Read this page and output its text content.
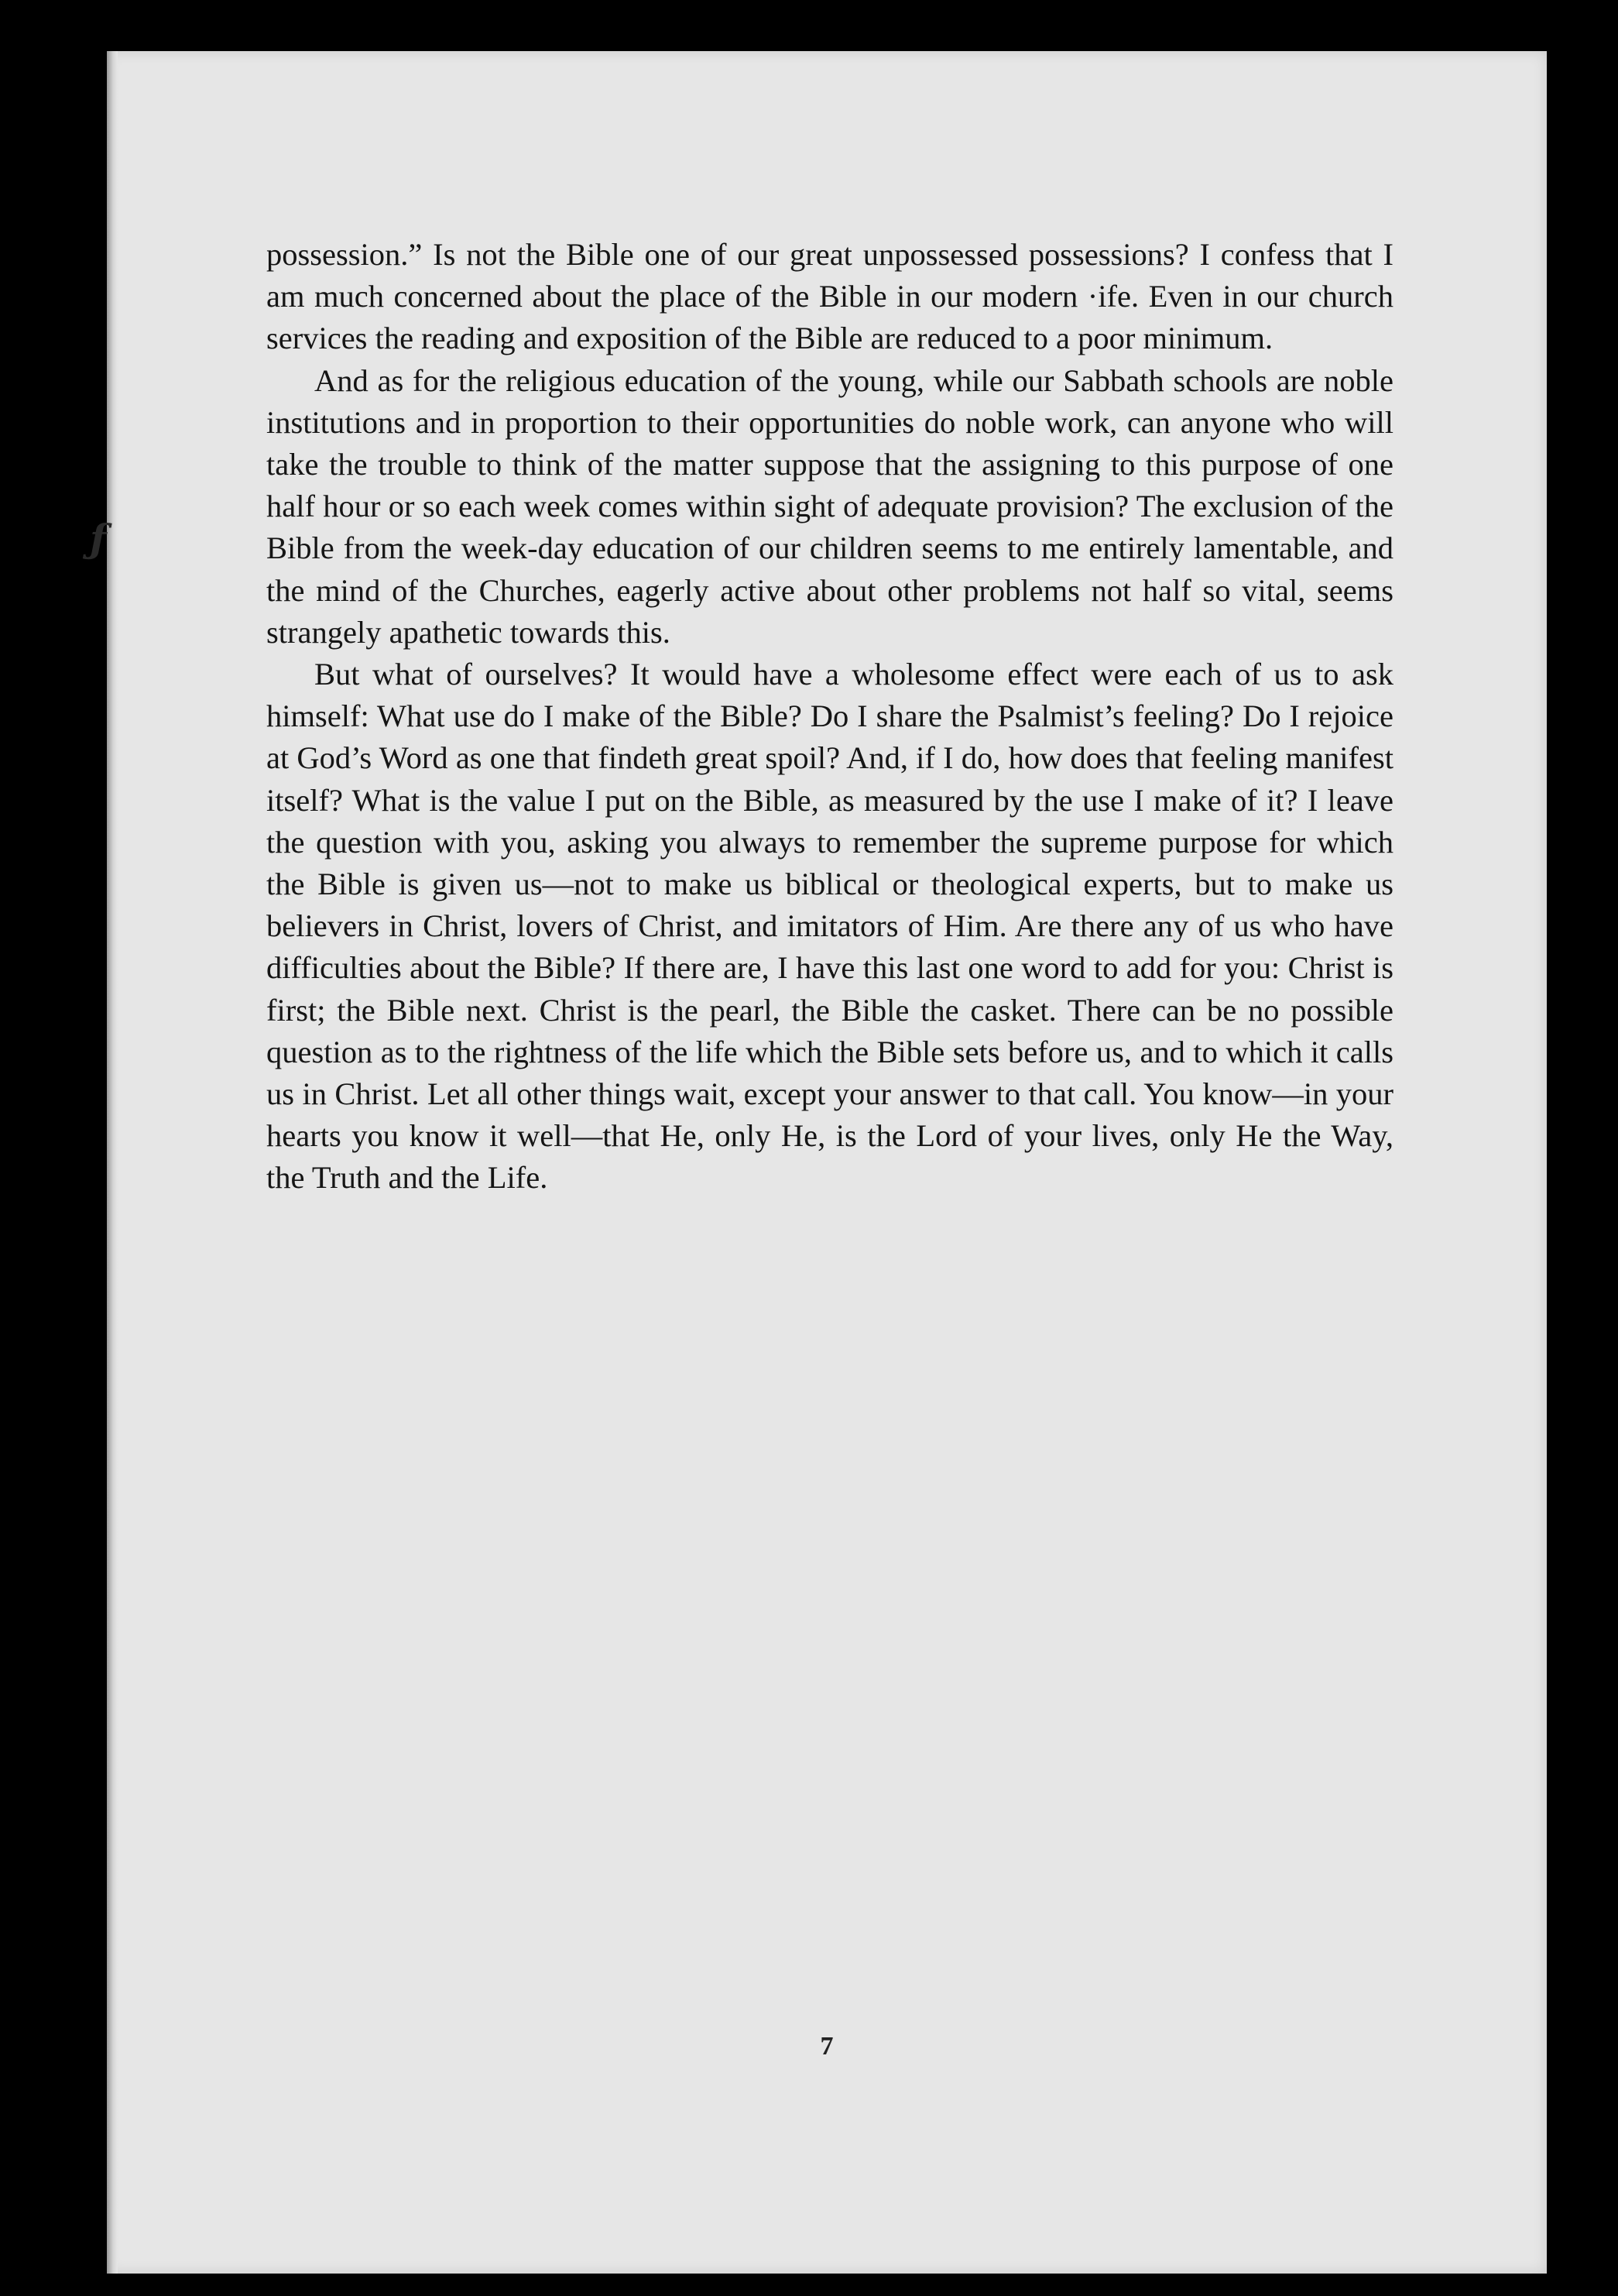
ƒ

possession.” Is not the Bible one of our great unpossessed possessions? I confess that I am much concerned about the place of the Bible in our modern ·ife. Even in our church services the reading and exposition of the Bible are reduced to a poor minimum.

And as for the religious education of the young, while our Sabbath schools are noble institutions and in proportion to their opportunities do noble work, can anyone who will take the trouble to think of the matter suppose that the assigning to this purpose of one half hour or so each week comes within sight of adequate provision? The exclusion of the Bible from the week-day education of our children seems to me entirely lamentable, and the mind of the Churches, eagerly active about other problems not half so vital, seems strangely apathetic towards this.

But what of ourselves? It would have a wholesome effect were each of us to ask himself: What use do I make of the Bible? Do I share the Psalmist’s feeling? Do I rejoice at God’s Word as one that findeth great spoil? And, if I do, how does that feeling manifest itself? What is the value I put on the Bible, as measured by the use I make of it? I leave the question with you, asking you always to remember the supreme purpose for which the Bible is given us—not to make us biblical or theological experts, but to make us believers in Christ, lovers of Christ, and imitators of Him. Are there any of us who have difficulties about the Bible? If there are, I have this last one word to add for you: Christ is first; the Bible next. Christ is the pearl, the Bible the casket. There can be no possible question as to the rightness of the life which the Bible sets before us, and to which it calls us in Christ. Let all other things wait, except your answer to that call. You know—in your hearts you know it well—that He, only He, is the Lord of your lives, only He the Way, the Truth and the Life.

7
